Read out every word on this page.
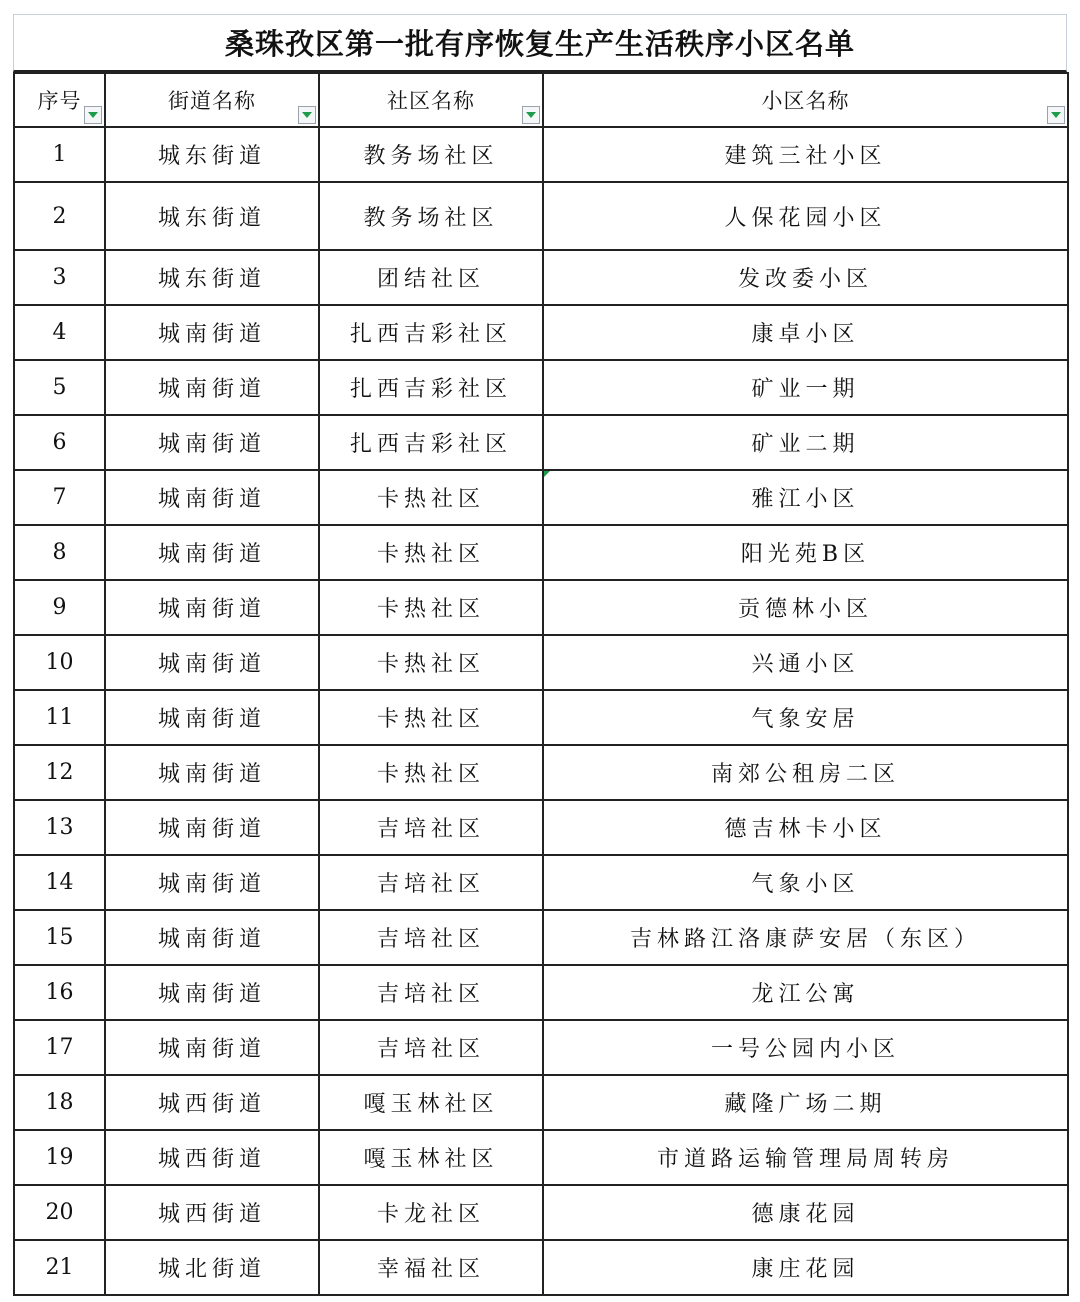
桑珠孜区第一批有序恢复生产生活秩序小区名单
序号	街道名称	社区名称	小区名称

1	城东街道	教务场社区	建筑三社小区
2	城东街道	教务场社区	人保花园小区
3	城东街道	团结社区	发改委小区
4	城南街道	扎西吉彩社区	康卓小区
5	城南街道	扎西吉彩社区	矿业一期
6	城南街道	扎西吉彩社区	矿业二期
7	城南街道	卡热社区	雅江小区

8	城南街道	卡热社区	阳光苑B区
9	城南街道	卡热社区	贡德林小区
10	城南街道	卡热社区	兴通小区
11	城南街道	卡热社区	气象安居
12	城南街道	卡热社区	南郊公租房二区
13	城南街道	吉培社区	德吉林卡小区
14	城南街道	吉培社区	气象小区
15	城南街道	吉培社区	吉林路江洛康萨安居（东区）
16	城南街道	吉培社区	龙江公寓
17	城南街道	吉培社区	一号公园内小区
18	城西街道	嘎玉林社区	藏隆广场二期
19	城西街道	嘎玉林社区	市道路运输管理局周转房
20	城西街道	卡龙社区	德康花园
21	城北街道	幸福社区	康庄花园
